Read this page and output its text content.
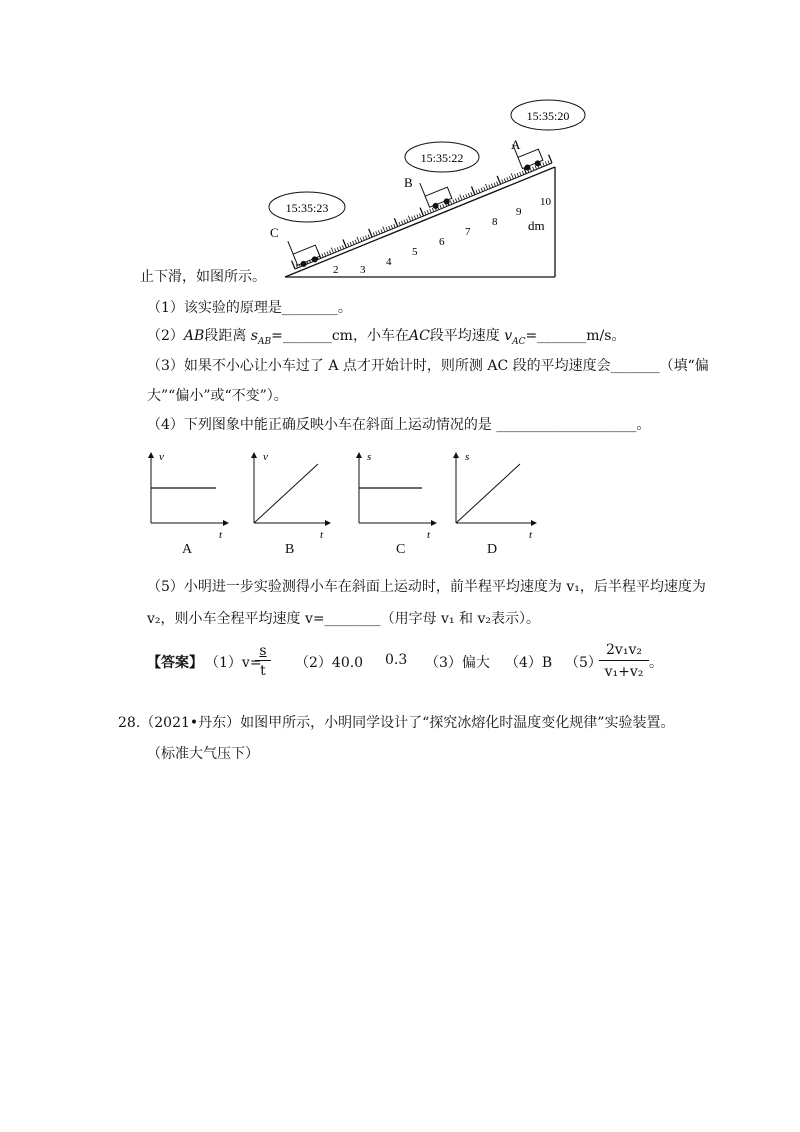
2 3
4
5
6
7
8
9
10
dm
A
B
C
15:35:20
15:35:22
15:35:23
止下滑，如图所示。
（1）该实验的原理是________。
（2）AB段距离 $s_{AB}=\_\_\_\_\_\_\_cm$，小车在AC段平均速度 $v_{AC}=\_\_\_\_\_\_\_m/s$。
（3）如果不小心让小车过了 A 点才开始计时，则所测 AC 段的平均速度会_______（填“偏
大”“偏小”或“不变”）。
（4）下列图象中能正确反映小车在斜面上运动情况的是 ____________________。
v
t
v
t
s
t
s
t
A	B	C	D
（5）小明进一步实验测得小车在斜面上运动时，前半程平均速度为 v₁，后半程平均速度为
v₂，则小车全程平均速度 v=________（用字母 v₁ 和 v₂表示）。
【答案】 （1）v=
s
t	（2）40.0 0.3 （3）偏大 （4）B （5）
2v₁v₂
v₁+v₂
。
28.（2021•丹东）如图甲所示，小明同学设计了“探究冰熔化时温度变化规律”实验装置。
（标准大气压下）
